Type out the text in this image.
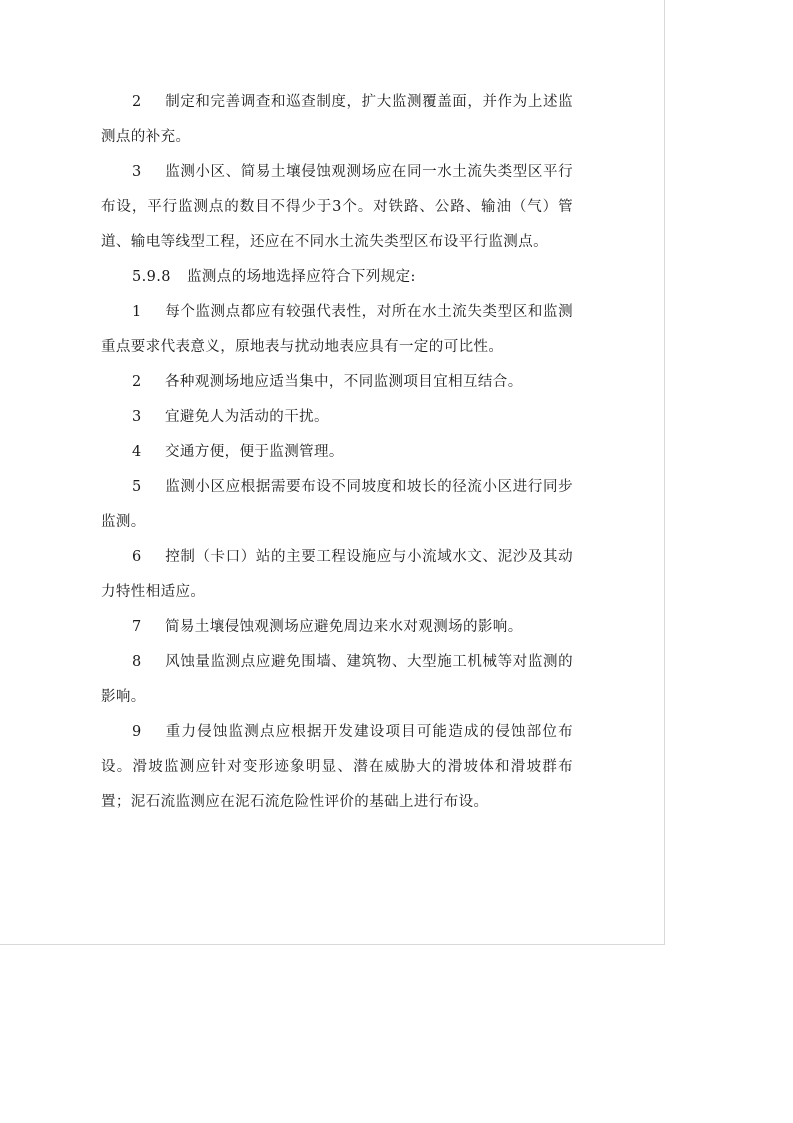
2 制定和完善调查和巡查制度，扩大监测覆盖面，并作为上述监测点的补充。

3 监测小区、简易土壤侵蚀观测场应在同一水土流失类型区平行布设，平行监测点的数目不得少于3个。对铁路、公路、输油（气）管道、输电等线型工程，还应在不同水土流失类型区布设平行监测点。

5.9.8 监测点的场地选择应符合下列规定:

1 每个监测点都应有较强代表性，对所在水土流失类型区和监测重点要求代表意义，原地表与扰动地表应具有一定的可比性。

2 各种观测场地应适当集中，不同监测项目宜相互结合。

3 宜避免人为活动的干扰。

4 交通方便，便于监测管理。

5 监测小区应根据需要布设不同坡度和坡长的径流小区进行同步监测。

6 控制（卡口）站的主要工程设施应与小流域水文、泥沙及其动力特性相适应。

7 简易土壤侵蚀观测场应避免周边来水对观测场的影响。

8 风蚀量监测点应避免围墙、建筑物、大型施工机械等对监测的影响。

9 重力侵蚀监测点应根据开发建设项目可能造成的侵蚀部位布设。滑坡监测应针对变形迹象明显、潜在威胁大的滑坡体和滑坡群布置；泥石流监测应在泥石流危险性评价的基础上进行布设。
